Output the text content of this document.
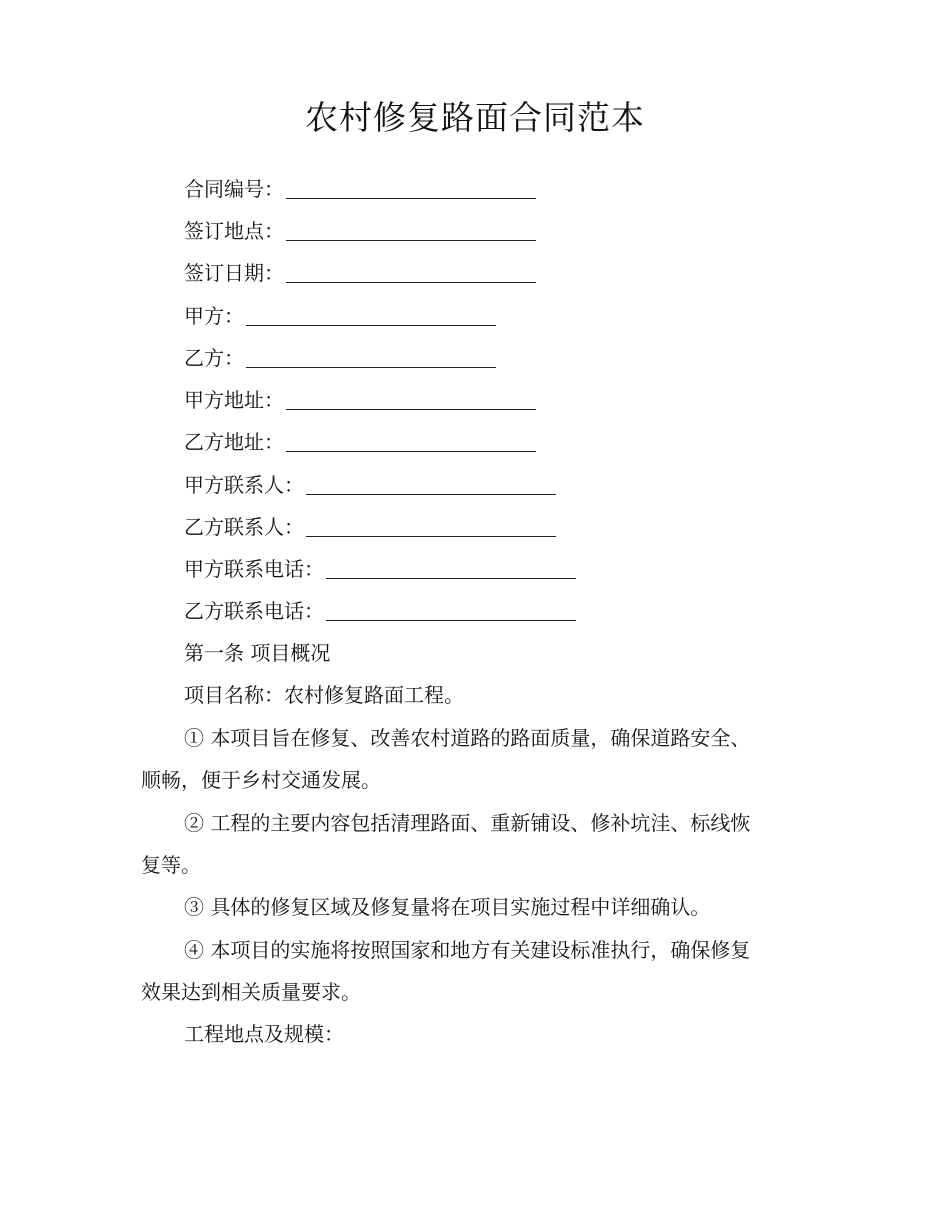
农村修复路面合同范本
合同编号：
签订地点：
签订日期：
甲方：
乙方：
甲方地址：
乙方地址：
甲方联系人：
乙方联系人：
甲方联系电话：
乙方联系电话：
第一条 项目概况
项目名称：农村修复路面工程。
① 本项目旨在修复、改善农村道路的路面质量，确保道路安全、
顺畅，便于乡村交通发展。
② 工程的主要内容包括清理路面、重新铺设、修补坑洼、标线恢
复等。
③ 具体的修复区域及修复量将在项目实施过程中详细确认。
④ 本项目的实施将按照国家和地方有关建设标准执行，确保修复
效果达到相关质量要求。
工程地点及规模：
